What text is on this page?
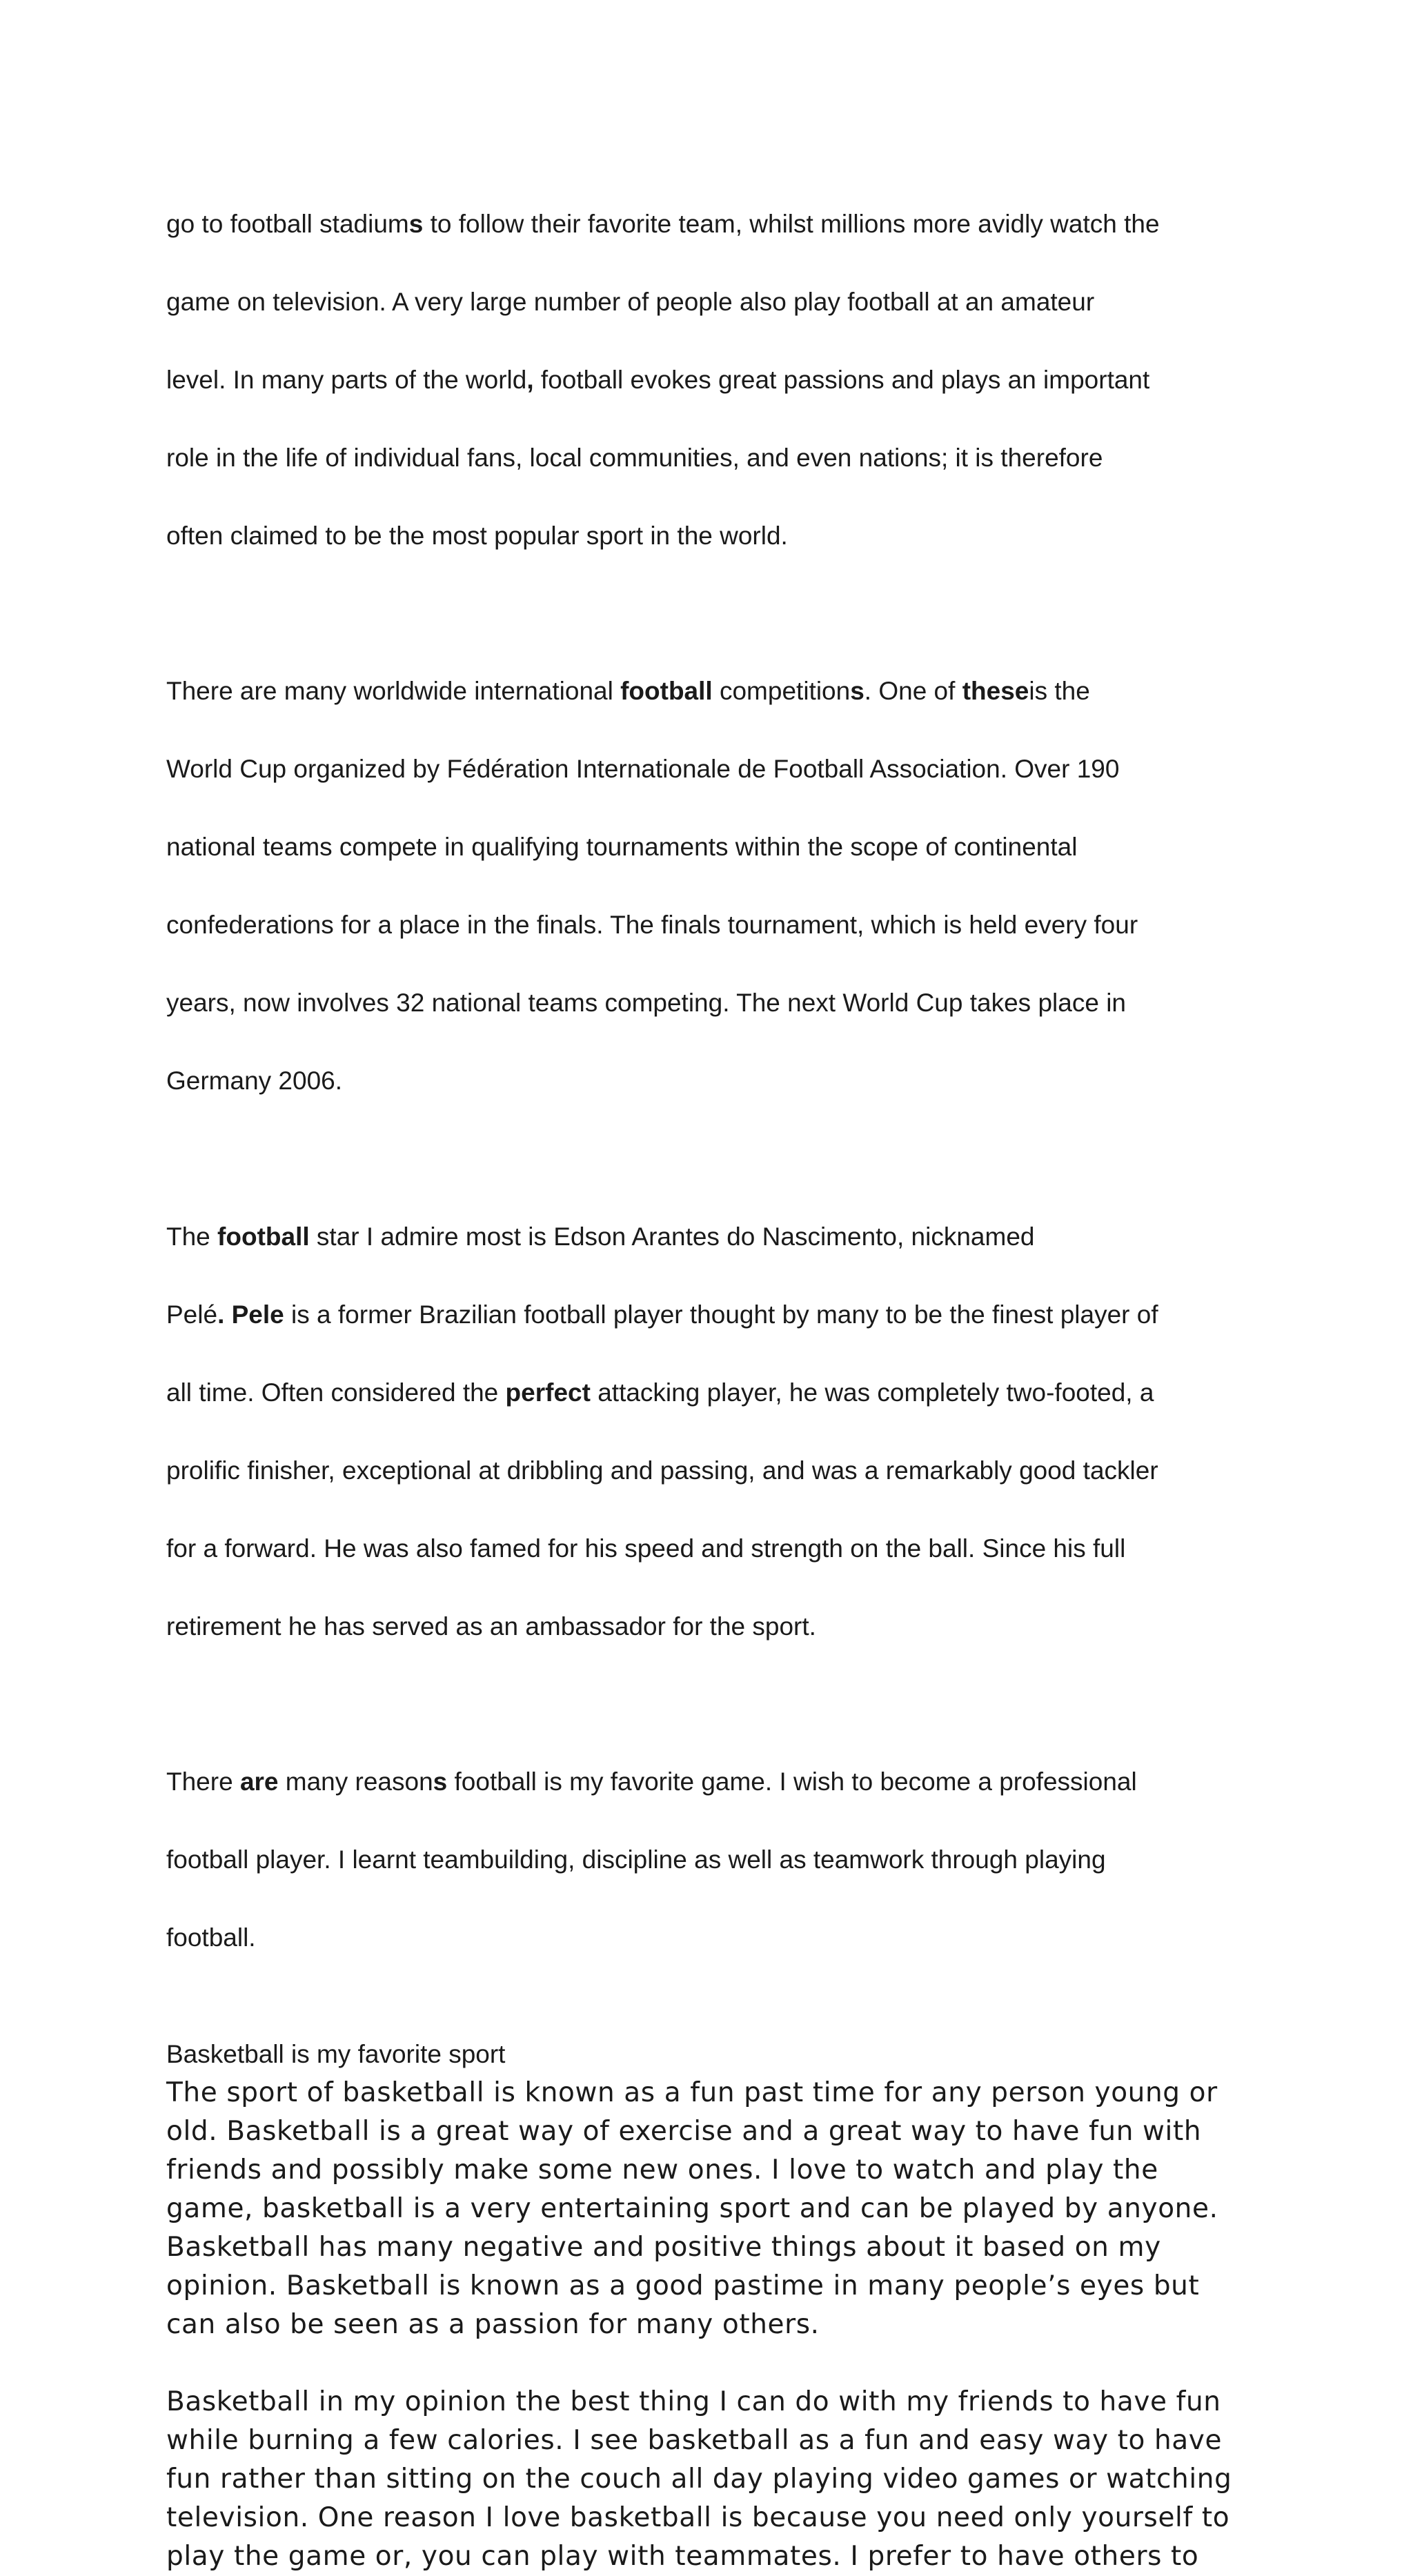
go to football stadiums to follow their favorite team, whilst millions more avidly watch the

game on television. A very large number of people also play football at an amateur

level. In many parts of the world, football evokes great passions and plays an important

role in the life of individual fans, local communities, and even nations; it is therefore

often claimed to be the most popular sport in the world.

There are many worldwide international football competitions. One of theseis the

World Cup organized by Fédération Internationale de Football Association. Over 190

national teams compete in qualifying tournaments within the scope of continental

confederations for a place in the finals. The finals tournament, which is held every four

years, now involves 32 national teams competing. The next World Cup takes place in

Germany 2006.

The football star I admire most is Edson Arantes do Nascimento, nicknamed

Pelé. Pele is a former Brazilian football player thought by many to be the finest player of

all time. Often considered the perfect attacking player, he was completely two-footed, a

prolific finisher, exceptional at dribbling and passing, and was a remarkably good tackler

for a forward. He was also famed for his speed and strength on the ball. Since his full

retirement he has served as an ambassador for the sport.

There are many reasons football is my favorite game. I wish to become a professional

football player. I learnt teambuilding, discipline as well as teamwork through playing

football.

Basketball is my favorite sport
The sport of basketball is known as a fun past time for any person young or
old. Basketball is a great way of exercise and a great way to have fun with
friends and possibly make some new ones. I love to watch and play the
game, basketball is a very entertaining sport and can be played by anyone.
Basketball has many negative and positive things about it based on my
opinion. Basketball is known as a good pastime in many people’s eyes but
can also be seen as a passion for many others.
Basketball in my opinion the best thing I can do with my friends to have fun
while burning a few calories. I see basketball as a fun and easy way to have
fun rather than sitting on the couch all day playing video games or watching
television. One reason I love basketball is because you need only yourself to
play the game or, you can play with teammates. I prefer to have others to
